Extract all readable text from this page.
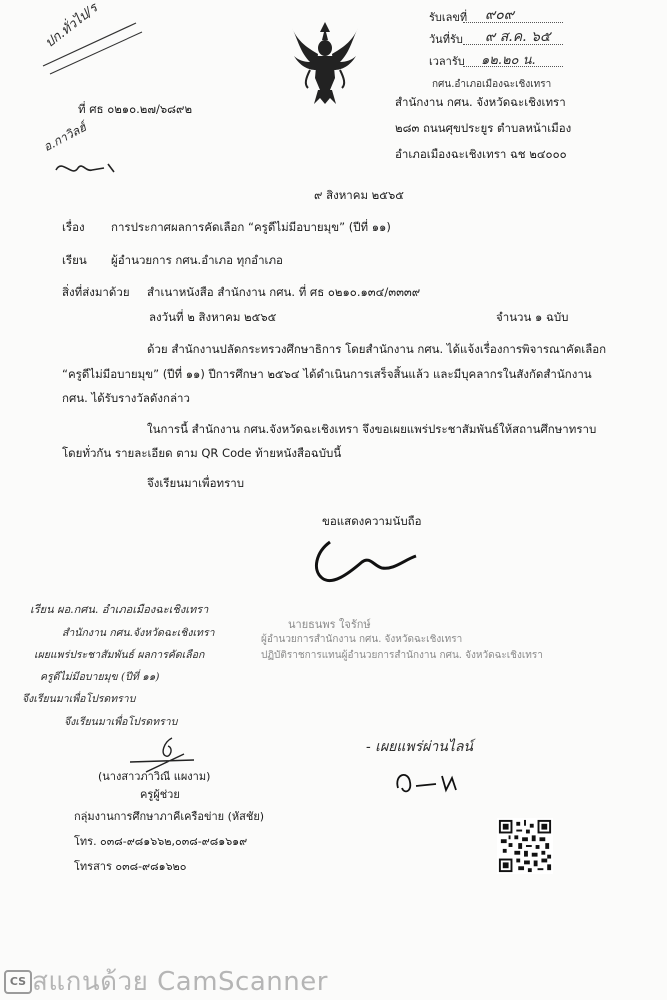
รับเลขที่ ๙๐๙
วันที่รับ ๙ ส.ค. ๖๕
เวลารับ ๑๒.๒๐ น.
กศน.อำเภอเมืองฉะเชิงเทรา
ปก.ทั่วไป/ร
ที่ ศธ ๐๒๑๐.๒๗/๖๘๙๒	สำนักงาน กศน. จังหวัดฉะเชิงเทรา
๒๘๓ ถนนศุขประยูร ตำบลหน้าเมือง
อำเภอเมืองฉะเชิงเทรา ฉช ๒๔๐๐๐
อ.กาวิลฮ์
๙ สิงหาคม ๒๕๖๕
เรื่อง การประกาศผลการคัดเลือก “ครูดีไม่มีอบายมุข” (ปีที่ ๑๑)
เรียน ผู้อำนวยการ กศน.อำเภอ ทุกอำเภอ
สิ่งที่ส่งมาด้วย สำเนาหนังสือ สำนักงาน กศน. ที่ ศธ ๐๒๑๐.๑๓๔/๓๓๓๙
ลงวันที่ ๒ สิงหาคม ๒๕๖๕	จำนวน ๑ ฉบับ
ด้วย สำนักงานปลัดกระทรวงศึกษาธิการ โดยสำนักงาน กศน. ได้แจ้งเรื่องการพิจารณาคัดเลือก
“ครูดีไม่มีอบายมุข” (ปีที่ ๑๑) ปีการศึกษา ๒๕๖๔ ได้ดำเนินการเสร็จสิ้นแล้ว และมีบุคลากรในสังกัดสำนักงาน
กศน. ได้รับรางวัลดังกล่าว
ในการนี้ สำนักงาน กศน.จังหวัดฉะเชิงเทรา จึงขอเผยแพร่ประชาสัมพันธ์ให้สถานศึกษาทราบ
โดยทั่วกัน รายละเอียด ตาม QR Code ท้ายหนังสือฉบับนี้
จึงเรียนมาเพื่อทราบ
ขอแสดงความนับถือ
นายธนพร ใจรักษ์
ผู้อำนวยการสำนักงาน กศน. จังหวัดฉะเชิงเทรา
ปฏิบัติราชการแทนผู้อำนวยการสำนักงาน กศน. จังหวัดฉะเชิงเทรา
เรียน ผอ.กศน. อำเภอเมืองฉะเชิงเทรา
สำนักงาน กศน.จังหวัดฉะเชิงเทรา
เผยแพร่ประชาสัมพันธ์ ผลการคัดเลือก
ครูดีไม่มีอบายมุข (ปีที่ ๑๑)
จึงเรียนมาเพื่อโปรดทราบ
จึงเรียนมาเพื่อโปรดทราบ
(นางสาวภาวิณี แผงาม)
ครูผู้ช่วย
- เผยแพร่ผ่านไลน์
กลุ่มงานการศึกษาภาคีเครือข่าย (หัสชัย)
โทร. ๐๓๘-๙๘๑๖๖๒,๐๓๘-๙๘๑๖๑๙
โทรสาร ๐๓๘-๙๘๑๖๒๐
CS สแกนด้วย CamScanner
